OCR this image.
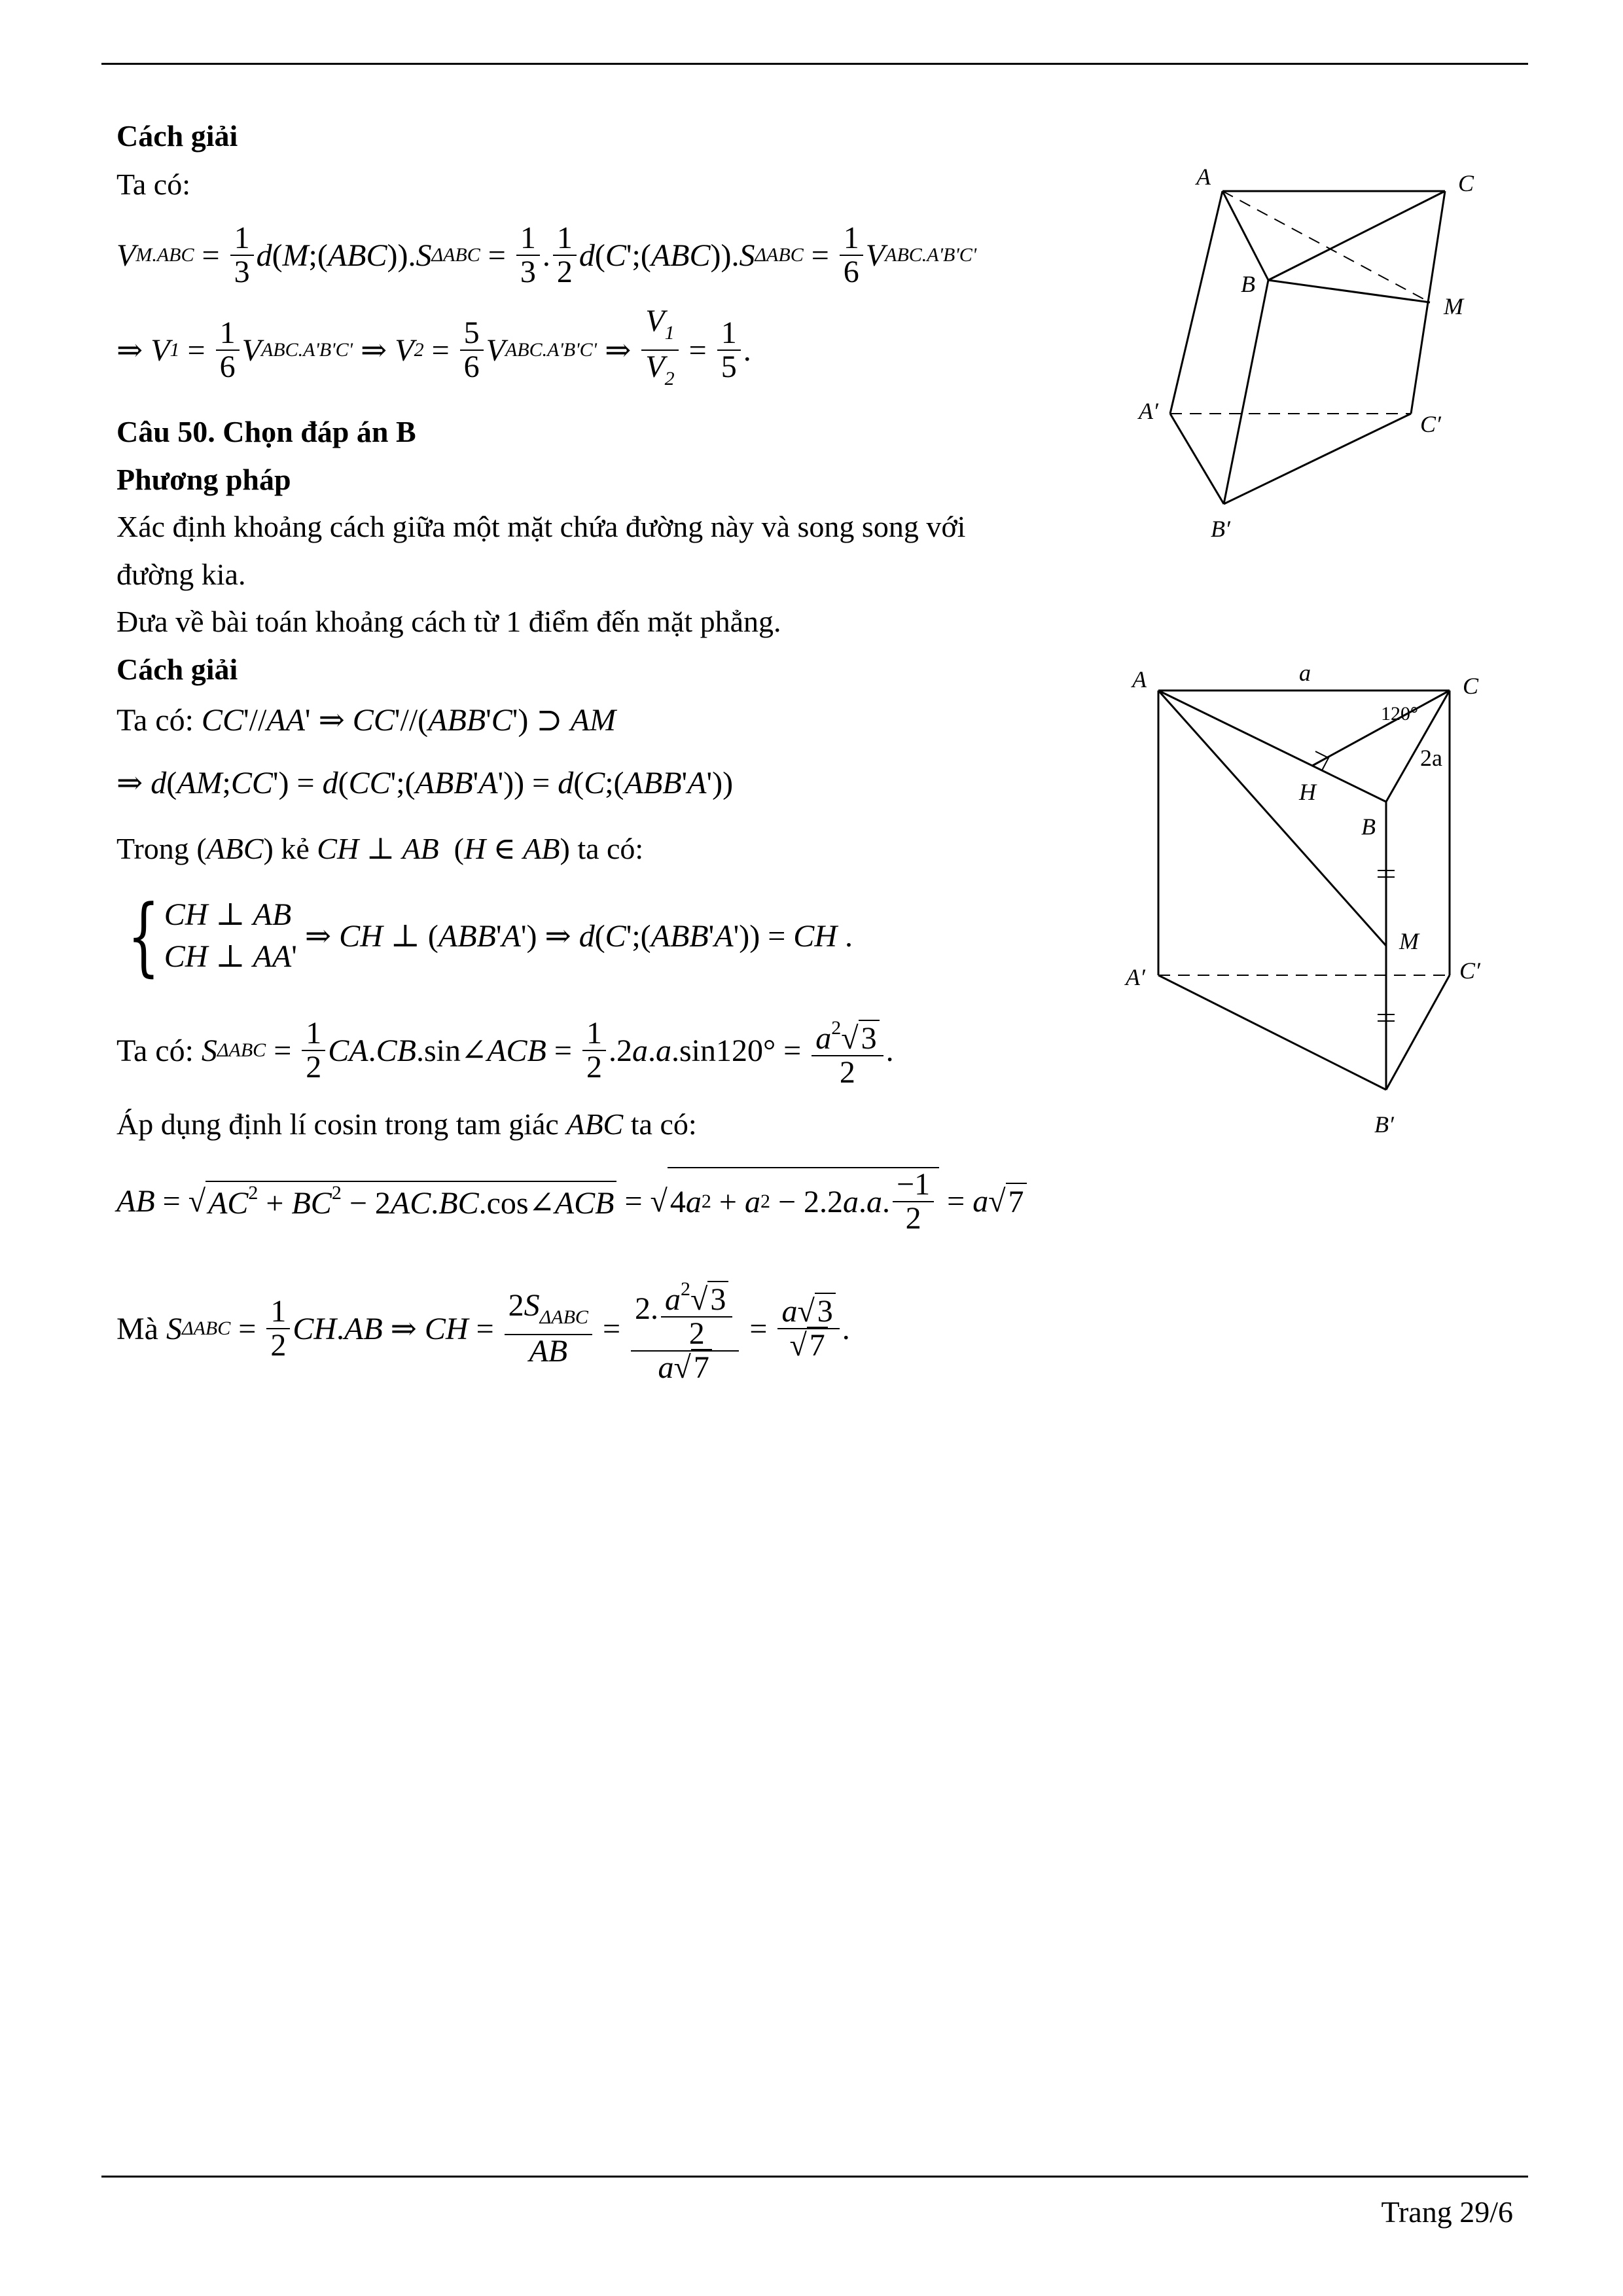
Cách giải
Ta có:
V $M.ABC = \frac{1}{3}$ d ( M ;( ABC )). S $\Delta ABC = \frac{1}{3}$ . $\frac{1}{2}$ d ( C ';( ABC )). S $\Delta ABC = \frac{1}{6}$ V ABC.A'B'C'
⇒ V $1 = \frac{1}{6}$ V ABC.A'B'C' ⇒ V $2 = \frac{5}{6}$ V ABC.A'B'C' ⇒ $\frac{V_1}{V_2} = \frac{1}{5}$ .
Câu 50. Chọn đáp án B
Phương pháp
Xác định khoảng cách giữa một mặt chứa đường này và song song với
đường kia.
Đưa về bài toán khoảng cách từ 1 điểm đến mặt phẳng.
Cách giải
Ta có:
CC '// AA ' ⇒ CC '//( ABB ' C ') ⊃ AM
⇒ d ( AM ; CC ') = d ( CC ';( ABB ' A ')) = d ( C ;( ABB ' A '))
Trong ( ABC ) kẻ
CH ⊥ AB ( H ∈ AB ) ta có:
{ CH ⊥ AB
CH ⊥ AA'
⇒ CH ⊥ ( ABB ' A ') ⇒ d ( C ';( ABB ' A ')) = CH .
Ta có:
S $\Delta ABC = \frac{1}{2}$ CA . CB .sin∠ ACB = $\frac{1}{2} .2$ a . a $.\sin 120^\circ = \frac{a^2√3}{2}$ .
Áp dụng định lí cosin trong tam giác ABC ta có:
AB = √ $AC^2 + BC^2$ − 2AC.BC.cos∠ACB = √ 4 a 2 + a 2 − 2.2 a . a . $\frac{-1}{2} = a$ √ 7
Mà
S $\Delta ABC = \frac{1}{2}$ CH . AB ⇒ CH = $\frac{2S_{\Delta ABC}}{AB} = \frac{2. \frac{a^2√3}{2}}{a√7} = \frac{a√3}{√7}$ .
A	C
B
M
A′	C′
B′
A	a	C
120°
H
2a
B
M
A′	C′
B′
Trang 29/6
